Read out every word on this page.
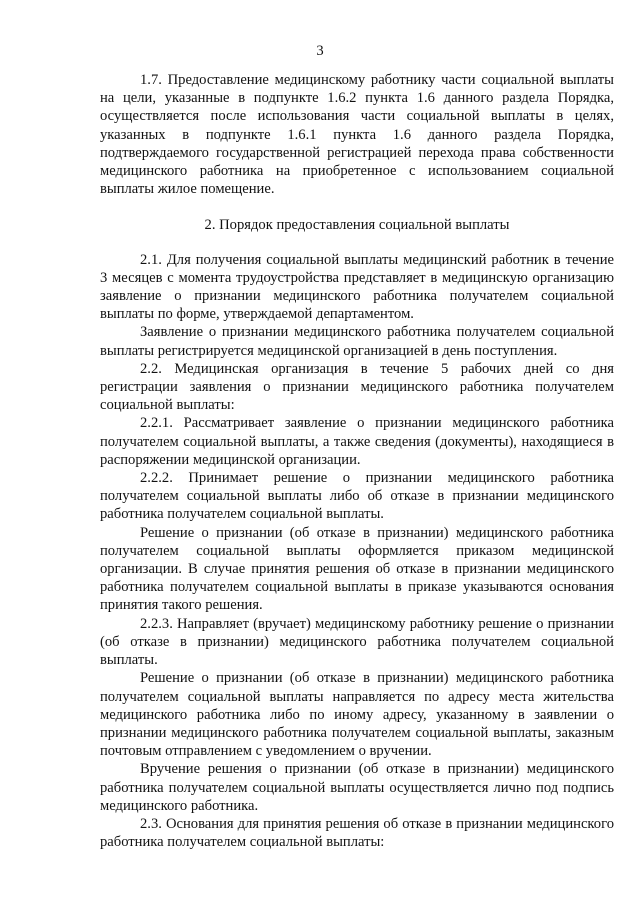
3

1.7. Предоставление медицинскому работнику части социальной выплаты на цели, указанные в подпункте 1.6.2 пункта 1.6 данного раздела Порядка, осуществляется после использования части социальной выплаты в целях, указанных в подпункте 1.6.1 пункта 1.6 данного раздела Порядка, подтверждаемого государственной регистрацией перехода права собственности медицинского работника на приобретенное с использованием социальной выплаты жилое помещение.

2. Порядок предоставления социальной выплаты

2.1. Для получения социальной выплаты медицинский работник в течение 3 месяцев с момента трудоустройства представляет в медицинскую организацию заявление о признании медицинского работника получателем социальной выплаты по форме, утверждаемой департаментом.

Заявление о признании медицинского работника получателем социальной выплаты регистрируется медицинской организацией в день поступления.

2.2. Медицинская организация в течение 5 рабочих дней со дня регистрации заявления о признании медицинского работника получателем социальной выплаты:

2.2.1. Рассматривает заявление о признании медицинского работника получателем социальной выплаты, а также сведения (документы), находящиеся в распоряжении медицинской организации.

2.2.2. Принимает решение о признании медицинского работника получателем социальной выплаты либо об отказе в признании медицинского работника получателем социальной выплаты.

Решение о признании (об отказе в признании) медицинского работника получателем социальной выплаты оформляется приказом медицинской организации. В случае принятия решения об отказе в признании медицинского работника получателем социальной выплаты в приказе указываются основания принятия такого решения.

2.2.3. Направляет (вручает) медицинскому работнику решение о признании (об отказе в признании) медицинского работника получателем социальной выплаты.

Решение о признании (об отказе в признании) медицинского работника получателем социальной выплаты направляется по адресу места жительства медицинского работника либо по иному адресу, указанному в заявлении о признании медицинского работника получателем социальной выплаты, заказным почтовым отправлением с уведомлением о вручении.

Вручение решения о признании (об отказе в признании) медицинского работника получателем социальной выплаты осуществляется лично под подпись медицинского работника.

2.3. Основания для принятия решения об отказе в признании медицинского работника получателем социальной выплаты:
